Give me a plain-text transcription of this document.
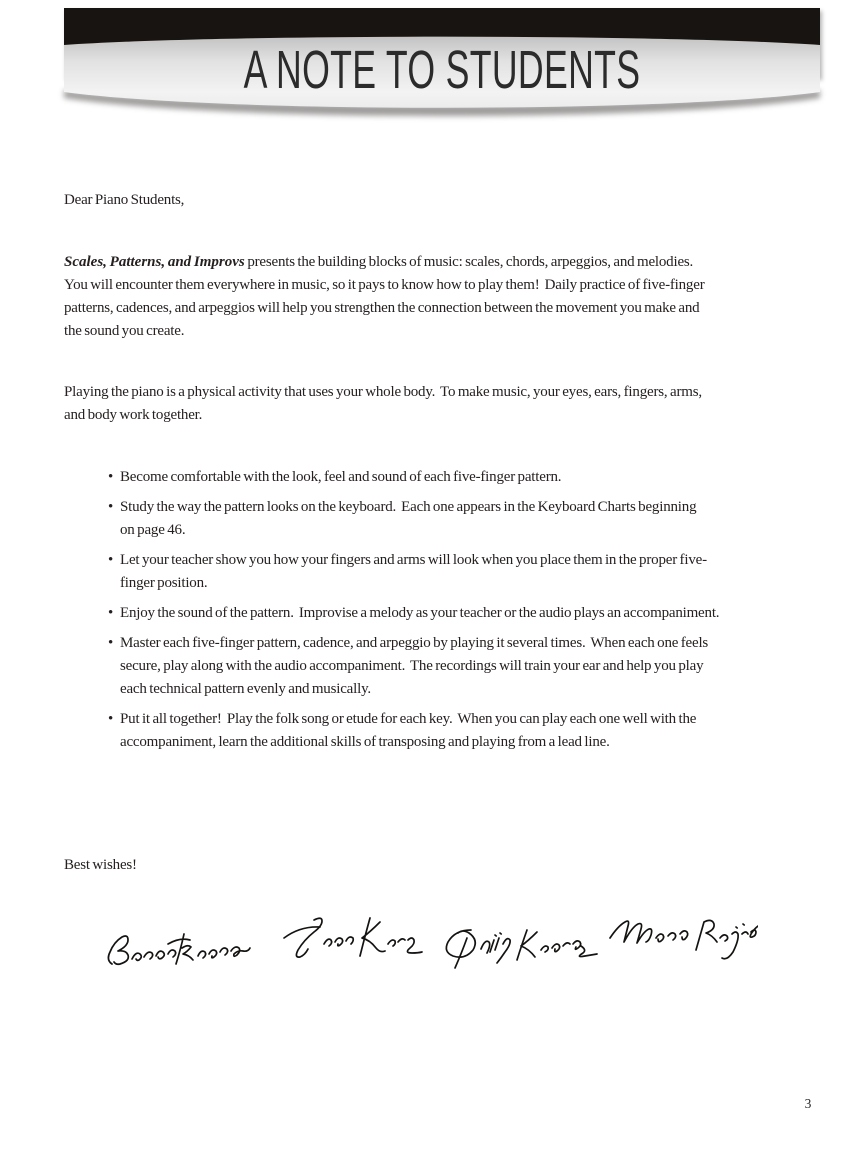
A NOTE TO STUDENTS

Dear Piano Students,

Scales, Patterns, and Improvs presents the building blocks of music: scales, chords, arpeggios, and melodies.
You will encounter them everywhere in music, so it pays to know how to play them!  Daily practice of five-finger
patterns, cadences, and arpeggios will help you strengthen the connection between the movement you make and
the sound you create.

Playing the piano is a physical activity that uses your whole body.  To make music, your eyes, ears, fingers, arms,
and body work together.

• Become comfortable with the look, feel and sound of each five-finger pattern.
• Study the way the pattern looks on the keyboard.  Each one appears in the Keyboard Charts beginning
on page 46.
• Let your teacher show you how your fingers and arms will look when you place them in the proper five-
finger position.
• Enjoy the sound of the pattern.  Improvise a melody as your teacher or the audio plays an accompaniment.
• Master each five-finger pattern, cadence, and arpeggio by playing it several times.  When each one feels
secure, play along with the audio accompaniment.  The recordings will train your ear and help you play
each technical pattern evenly and musically.
• Put it all together!  Play the folk song or etude for each key.  When you can play each one well with the
accompaniment, learn the additional skills of transposing and playing from a lead line.

Best wishes!

3
